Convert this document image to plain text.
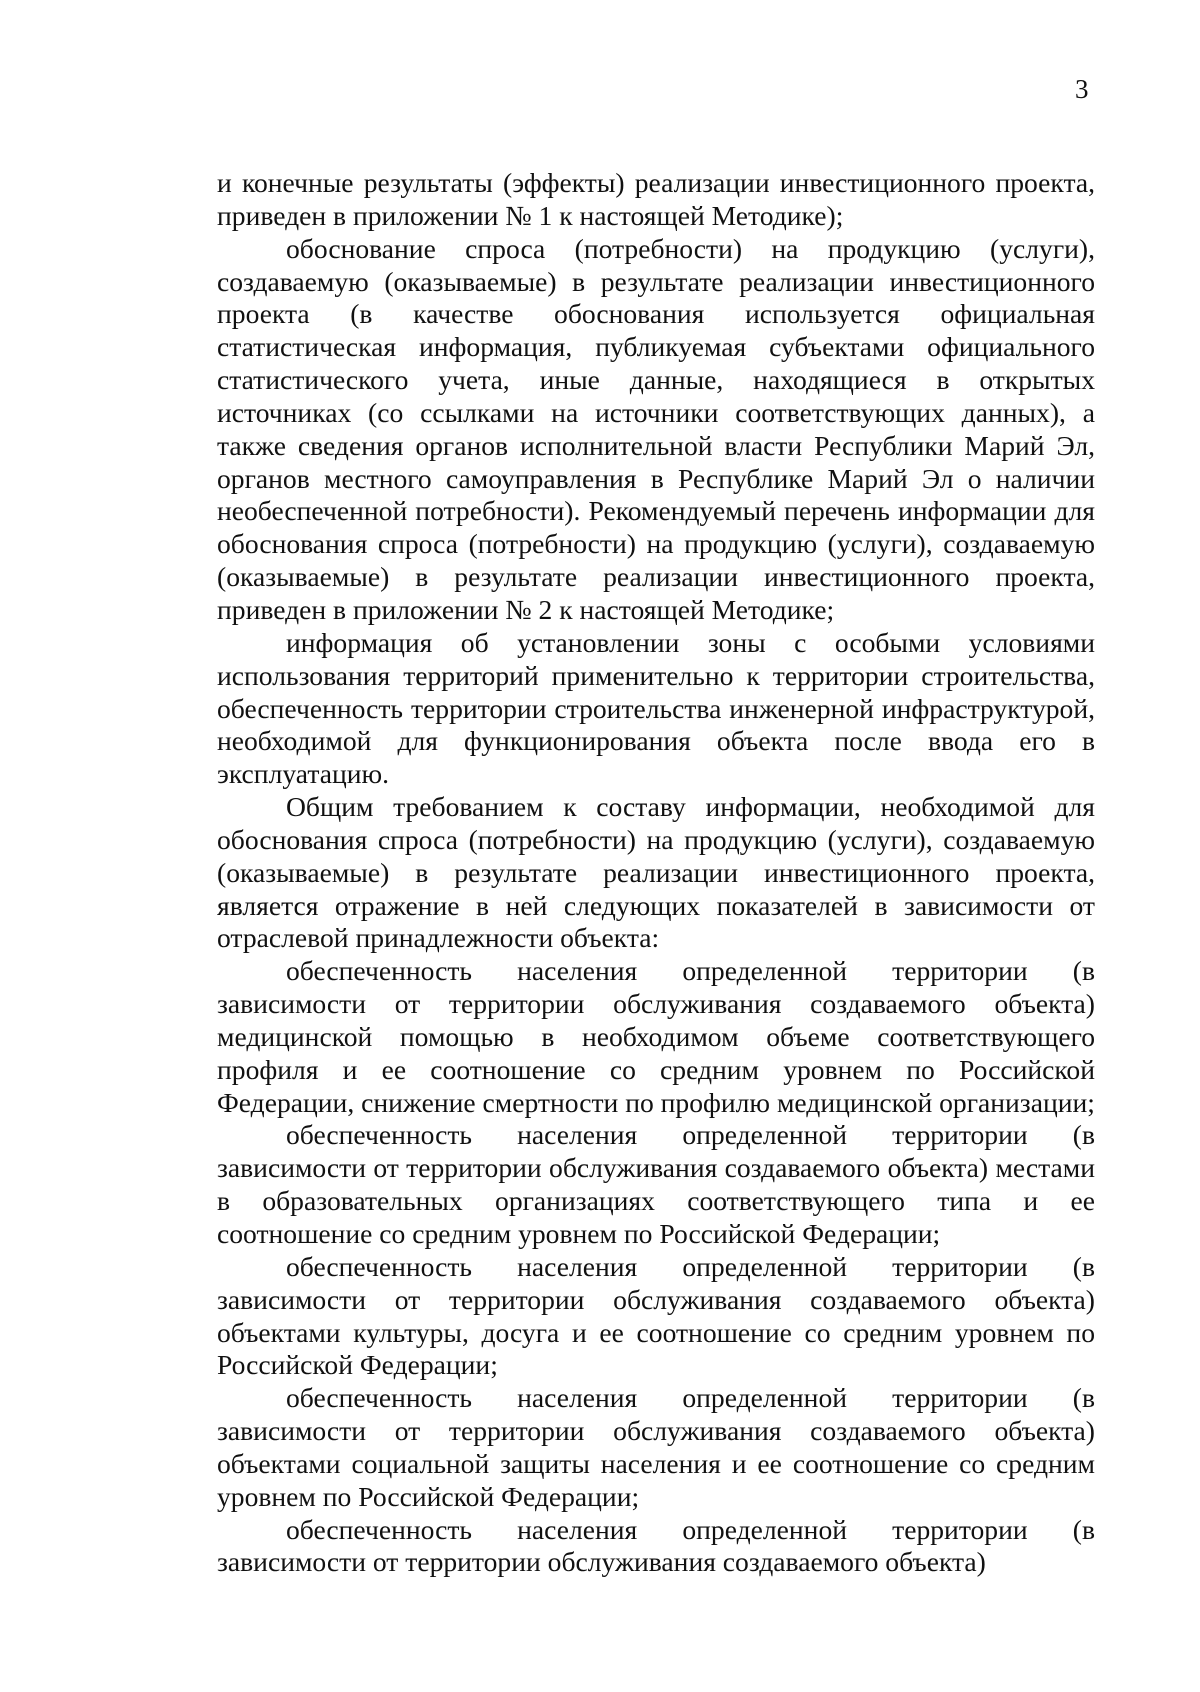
3

и конечные результаты (эффекты) реализации инвестиционного проекта, приведен в приложении № 1 к настоящей Методике);

обоснование спроса (потребности) на продукцию (услуги), создаваемую (оказываемые) в результате реализации инвестиционного проекта (в качестве обоснования используется официальная статистическая информация, публикуемая субъектами официального статистического учета, иные данные, находящиеся в открытых источниках (со ссылками на источники соответствующих данных), а также сведения органов исполнительной власти Республики Марий Эл, органов местного самоуправления в Республике Марий Эл о наличии необеспеченной потребности). Рекомендуемый перечень информации для обоснования спроса (потребности) на продукцию (услуги), создаваемую (оказываемые) в результате реализации инвестиционного проекта, приведен в приложении № 2 к настоящей Методике;

информация об установлении зоны с особыми условиями использования территорий применительно к территории строительства, обеспеченность территории строительства инженерной инфраструктурой, необходимой для функционирования объекта после ввода его в эксплуатацию.

Общим требованием к составу информации, необходимой для обоснования спроса (потребности) на продукцию (услуги), создаваемую (оказываемые) в результате реализации инвестиционного проекта, является отражение в ней следующих показателей в зависимости от отраслевой принадлежности объекта:

обеспеченность населения определенной территории (в зависимости от территории обслуживания создаваемого объекта) медицинской помощью в необходимом объеме соответствующего профиля и ее соотношение со средним уровнем по Российской Федерации, снижение смертности по профилю медицинской организации;

обеспеченность населения определенной территории (в зависимости от территории обслуживания создаваемого объекта) местами в образовательных организациях соответствующего типа и ее соотношение со средним уровнем по Российской Федерации;

обеспеченность населения определенной территории (в зависимости от территории обслуживания создаваемого объекта) объектами культуры, досуга и ее соотношение со средним уровнем по Российской Федерации;

обеспеченность населения определенной территории (в зависимости от территории обслуживания создаваемого объекта) объектами социальной защиты населения и ее соотношение со средним уровнем по Российской Федерации;

обеспеченность населения определенной территории (в зависимости от территории обслуживания создаваемого объекта)
